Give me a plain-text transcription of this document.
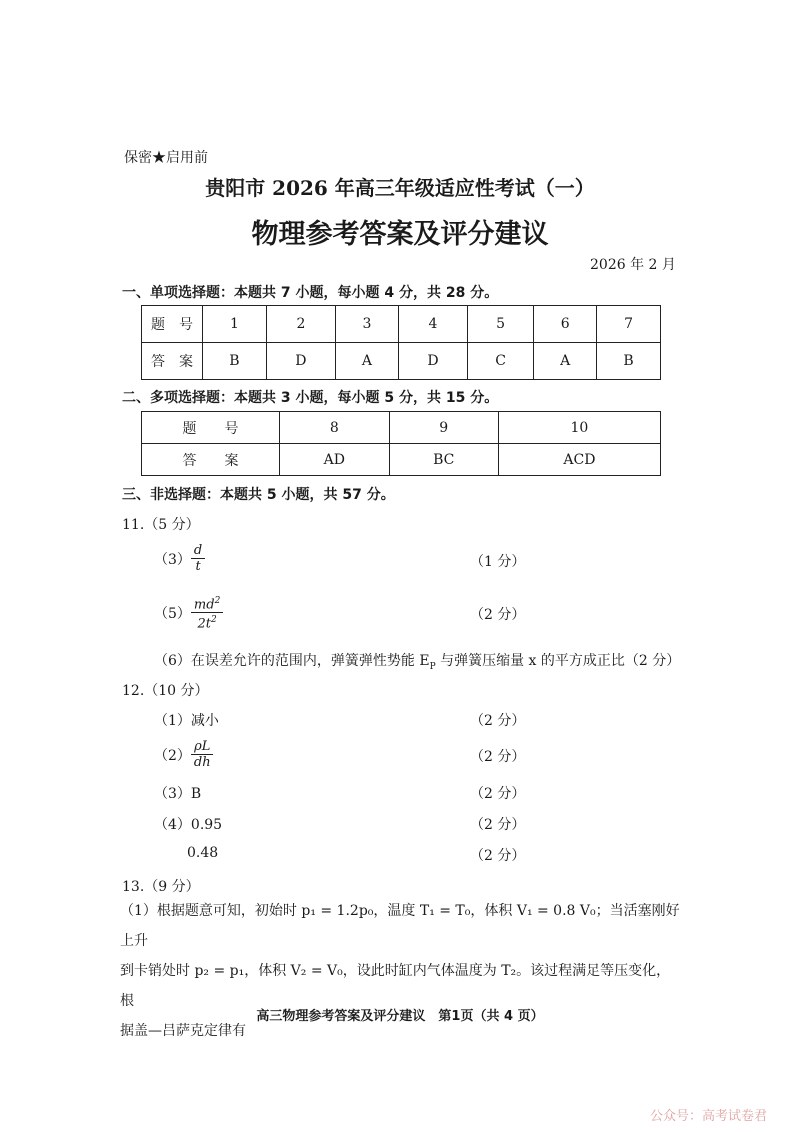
保密★启用前
贵阳市 2026 年高三年级适应性考试（一）
物理参考答案及评分建议
2026 年 2 月
一、单项选择题：本题共 7 小题，每小题 4 分，共 28 分。
题　号	1	2	3	4	5	6	7
答　案	B	D	A	D	C	A	B
二、多项选择题：本题共 3 小题，每小题 5 分，共 15 分。
题　　号	8	9	10
答　　案	AD	BC	ACD
三、非选择题：本题共 5 小题，共 57 分。
11.（5 分）
$(3) \frac{d}{t}$	（1 分）
$(5) \frac{md^2}{2t^2}$	（2 分）
（6）在误差允许的范围内，弹簧弹性势能 $E_P$ 与弹簧压缩量 x 的平方成正比（2 分）
12.（10 分）
（1）减小	（2 分）
$(2) \frac{\rho L}{dh}$	（2 分）
（3）B	（2 分）
（4）0.95	（2 分）
0.48	（2 分）
13.（9 分）
（1）根据题意可知，初始时 p₁ = 1.2p₀，温度 T₁ = T₀，体积 V₁ = 0.8 V₀；当活塞刚好上升
到卡销处时 p₂ = p₁，体积 V₂ = V₀，设此时缸内气体温度为 T₂。该过程满足等压变化，根
据盖—吕萨克定律有
高三物理参考答案及评分建议　第1页（共 4 页）
公众号：高考试卷君
